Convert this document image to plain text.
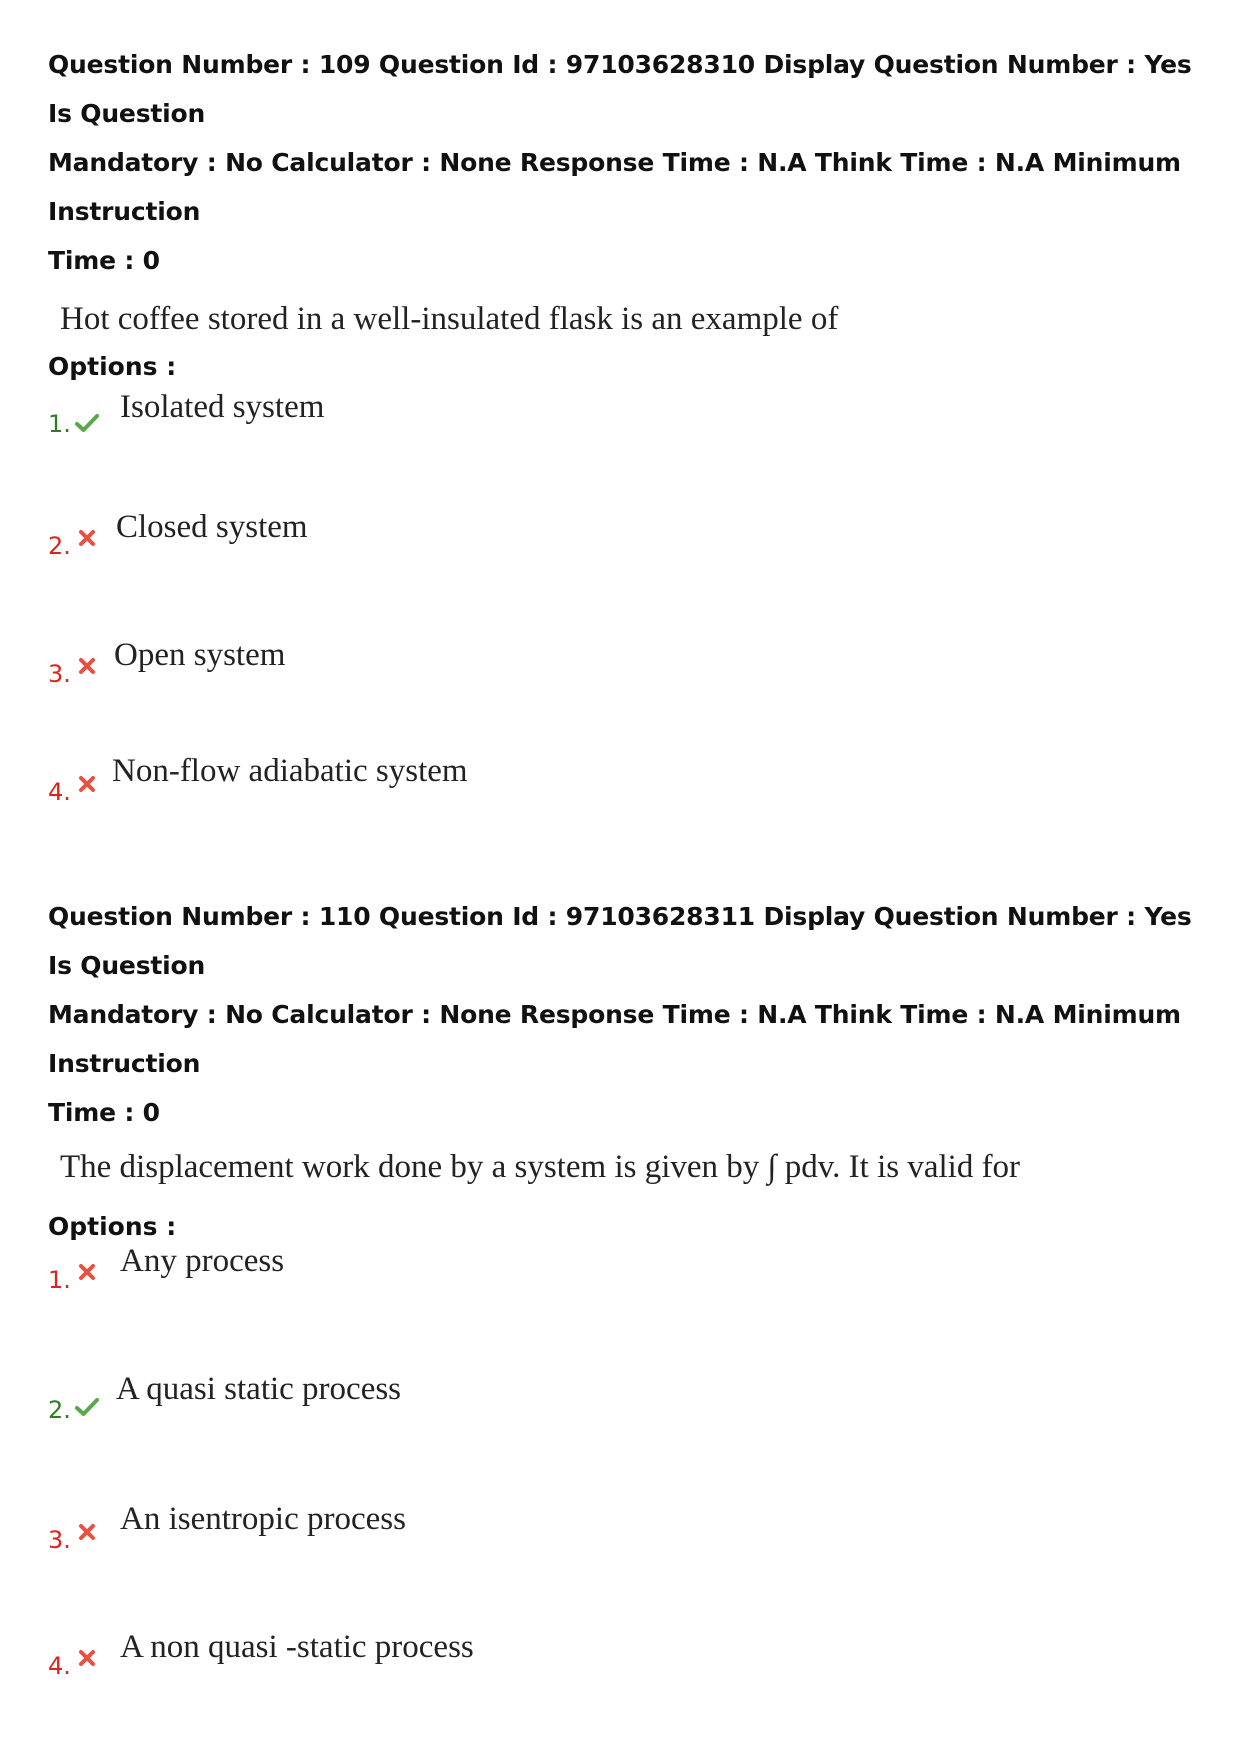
Question Number : 109 Question Id : 97103628310 Display Question Number : Yes Is Question

Mandatory : No Calculator : None Response Time : N.A Think Time : N.A Minimum Instruction

Time : 0

Hot coffee stored in a well-insulated flask is an example of

Options :

1. Isolated system
2.
Closed system
3.
Open system
4.
Non-flow adiabatic system

Question Number : 110 Question Id : 97103628311 Display Question Number : Yes Is Question

Mandatory : No Calculator : None Response Time : N.A Think Time : N.A Minimum Instruction

Time : 0

The displacement work done by a system is given by ∫ pdv. It is valid for

Options :

1.
Any process
2.
A quasi static process
3.
An isentropic process
4.
A non quasi -static process
